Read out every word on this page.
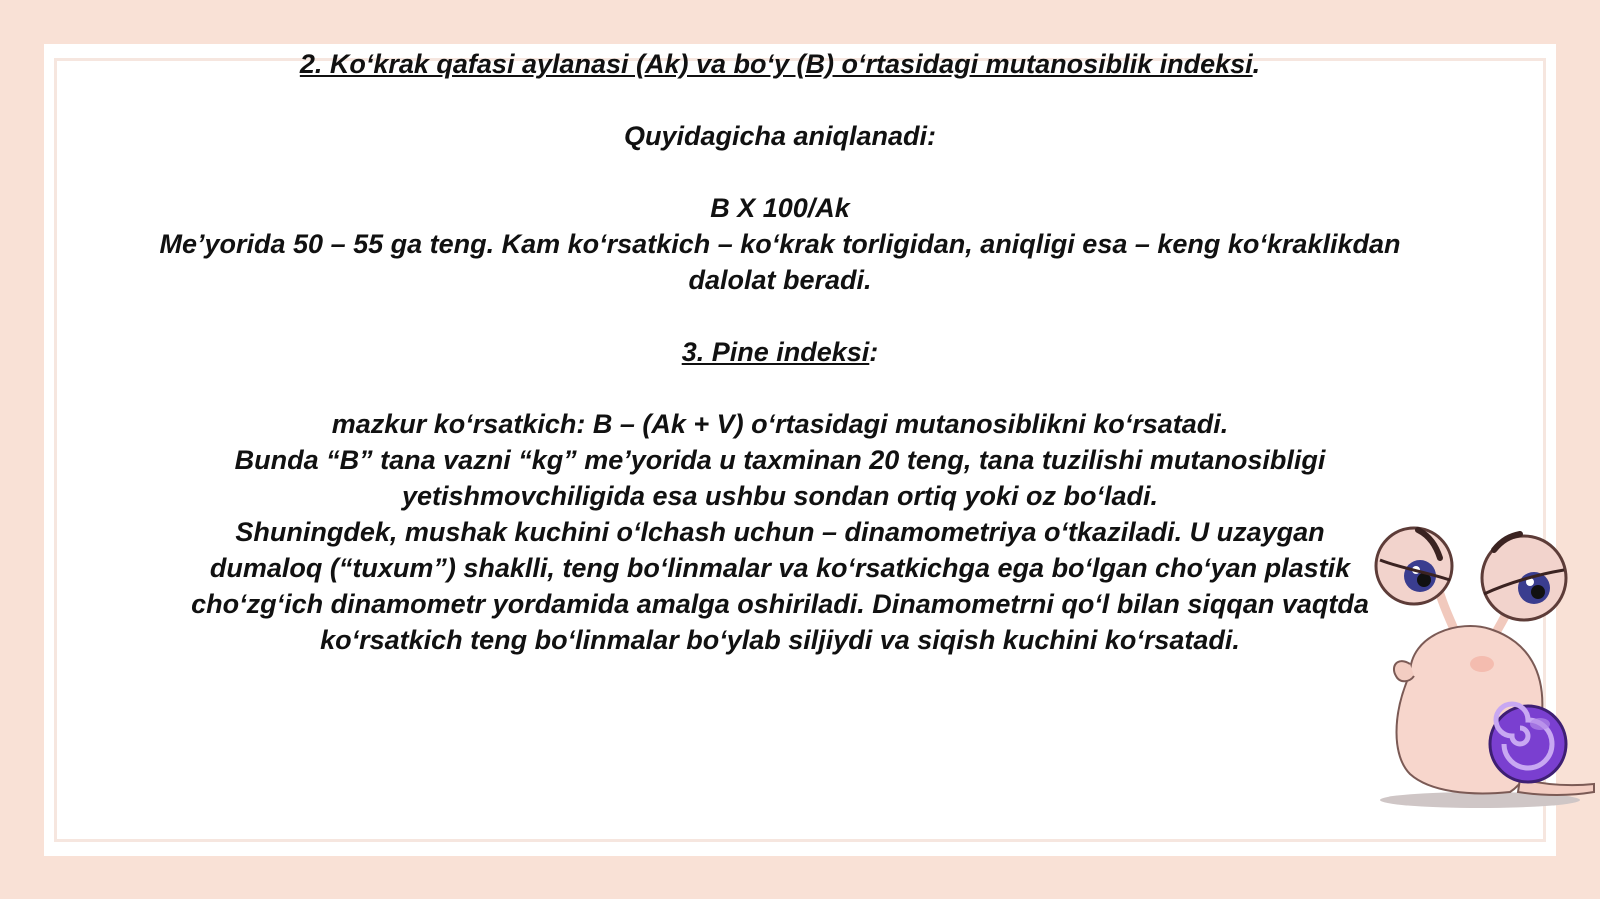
2. Ko‘krak qafasi aylanasi (Ak) va bo‘y (B) o‘rtasidagi mutanosiblik indeksi.

Quyidagicha aniqlanadi:

B X 100/Ak

Me’yorida 50 – 55 ga teng. Kam ko‘rsatkich – ko‘krak torligidan, aniqligi esa – keng ko‘kraklikdan

dalolat beradi.

3. Pine indeksi:

mazkur ko‘rsatkich: B – (Ak + V) o‘rtasidagi mutanosiblikni ko‘rsatadi.

Bunda “B” tana vazni “kg” me’yorida u taxminan 20 teng, tana tuzilishi mutanosibligi

yetishmovchiligida esa ushbu sondan ortiq yoki oz bo‘ladi.

Shuningdek, mushak kuchini o‘lchash uchun – dinamometriya o‘tkaziladi. U uzaygan

dumaloq (“tuxum”) shaklli, teng bo‘linmalar va ko‘rsatkichga ega bo‘lgan cho‘yan plastik

cho‘zg‘ich dinamometr yordamida amalga oshiriladi. Dinamometrni qo‘l bilan siqqan vaqtda

ko‘rsatkich teng bo‘linmalar bo‘ylab siljiydi va siqish kuchini ko‘rsatadi.
